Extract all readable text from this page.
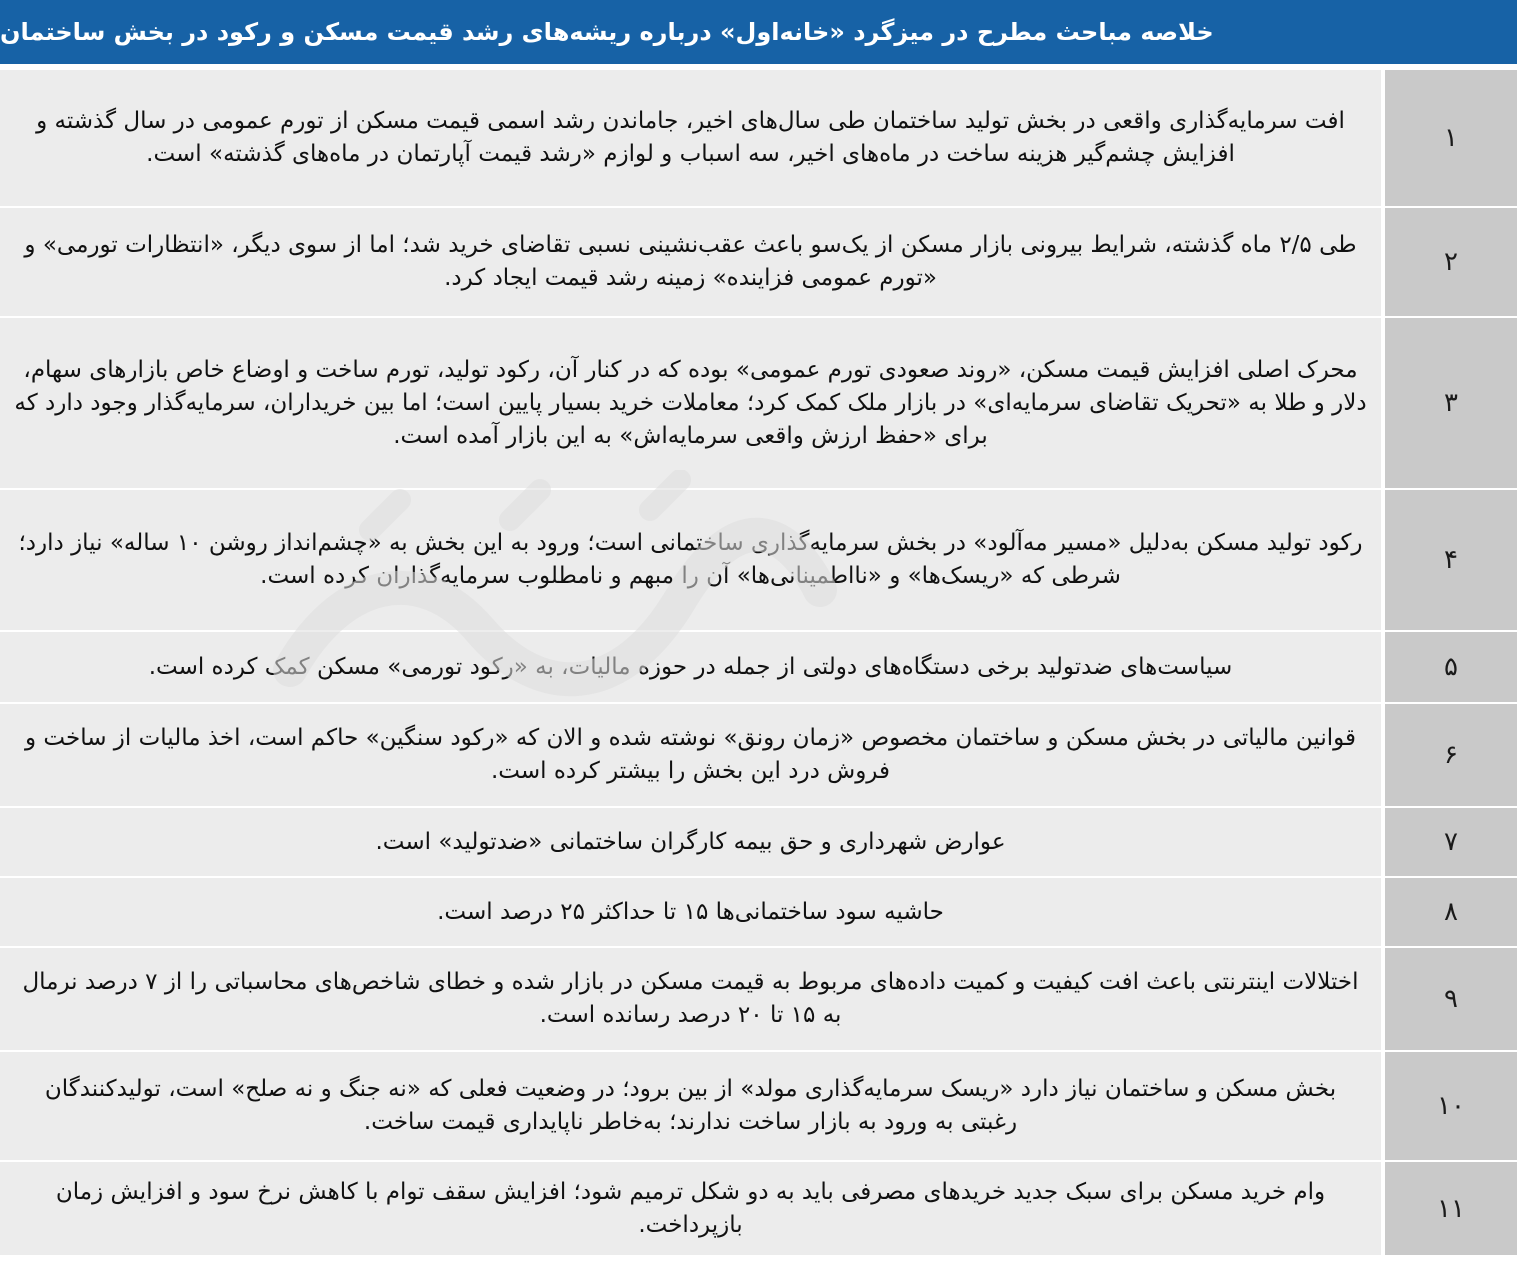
خلاصه مباحث مطرح در میزگرد «خانه‌اول» درباره ریشه‌های رشد قیمت مسکن و رکود در بخش ساختمان
۱
افت سرمایه‌گذاری واقعی در بخش تولید ساختمان طی سال‌های اخیر، جاماندن رشد اسمی قیمت مسکن از تورم عمومی در سال گذشته و افزایش چشم‌گیر هزینه ساخت در ماه‌های اخیر، سه اسباب و لوازم «رشد قیمت آپارتمان در ماه‌های گذشته» است.
۲
طی ۲/۵ ماه گذشته، شرایط بیرونی بازار مسکن از یک‌سو باعث عقب‌نشینی نسبی تقاضای خرید شد؛ اما از سوی دیگر، «انتظارات تورمی» و «تورم عمومی فزاینده» زمینه رشد قیمت ایجاد کرد.
۳
محرک اصلی افزایش قیمت مسکن، «روند صعودی تورم عمومی» بوده که در کنار آن، رکود تولید، تورم ساخت و اوضاع خاص بازارهای سهام، دلار و طلا به «تحریک تقاضای سرمایه‌ای» در بازار ملک کمک کرد؛ معاملات خرید بسیار پایین است؛ اما بین خریداران، سرمایه‌گذار وجود دارد که برای «حفظ ارزش واقعی سرمایه‌اش» به این بازار آمده است.
۴
رکود تولید مسکن به‌دلیل «مسیر مه‌آلود» در بخش سرمایه‌گذاری ساختمانی است؛ ورود به این بخش به «چشم‌انداز روشن ۱۰ ساله» نیاز دارد؛ شرطی که «ریسک‌ها» و «نااطمینانی‌ها» آن را مبهم و نامطلوب سرمایه‌گذاران کرده است.
۵
سیاست‌های ضدتولید برخی دستگاه‌های دولتی از جمله در حوزه مالیات، به «رکود تورمی» مسکن کمک کرده است.
۶
قوانین مالیاتی در بخش مسکن و ساختمان مخصوص «زمان رونق» نوشته شده و الان که «رکود سنگین» حاکم است، اخذ مالیات از ساخت و فروش درد این بخش را بیشتر کرده است.
۷
عوارض شهرداری و حق بیمه کارگران ساختمانی «ضدتولید» است.
۸
حاشیه سود ساختمانی‌ها ۱۵ تا حداکثر ۲۵ درصد است.
۹
اختلالات اینترنتی باعث افت کیفیت و کمیت داده‌های مربوط به قیمت مسکن در بازار شده و خطای شاخص‌های محاسباتی را از ۷ درصد نرمال به ۱۵ تا ۲۰ درصد رسانده است.
۱۰
بخش مسکن و ساختمان نیاز دارد «ریسک سرمایه‌گذاری مولد» از بین برود؛ در وضعیت فعلی که «نه جنگ و نه صلح» است، تولیدکنندگان رغبتی به ورود به بازار ساخت ندارند؛ به‌خاطر ناپایداری قیمت ساخت.
۱۱
وام خرید مسکن برای سبک جدید خریدهای مصرفی باید به دو شکل ترمیم شود؛ افزایش سقف توام با کاهش نرخ سود و افزایش زمان بازپرداخت.
